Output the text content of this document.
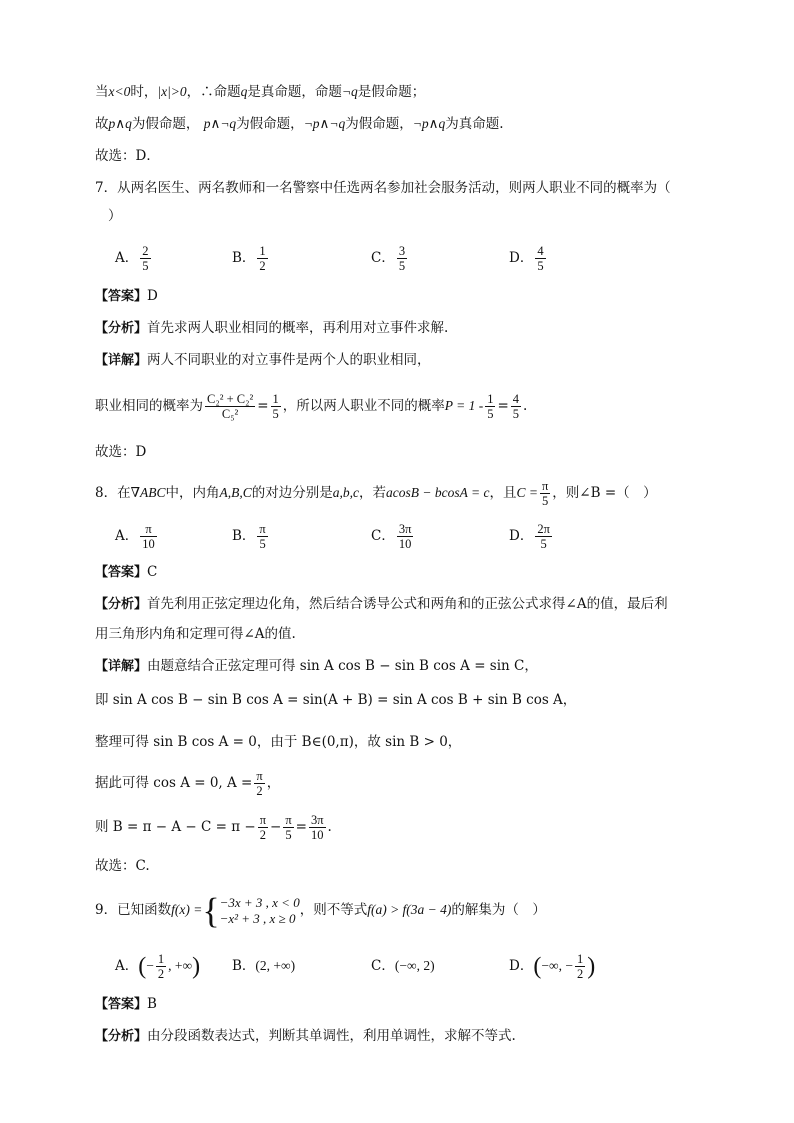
当x<0时，|x|>0，∴命题q是真命题，命题¬q是假命题；
故p∧q为假命题， p∧¬q为假命题，¬p∧¬q为假命题，¬p∧q为真命题.
故选：D．
7．从两名医生、两名教师和一名警察中任选两名参加社会服务活动，则两人职业不同的概率为（
）
A． $\frac{2}{5}$	B． $\frac{1}{2}$	C． $\frac{3}{5}$	D． $\frac{4}{5}$
【答案】D
【分析】首先求两人职业相同的概率，再利用对立事件求解.
【详解】两人不同职业的对立事件是两个人的职业相同，
职业相同的概率为 $\frac{\text{C₂² + C₂²}}{\text{C₅²}} = \frac{1}{5}$ ，所以两人职业不同的概率$P = 1 - \frac{1}{5} = \frac{4}{5}$ .
故选：D
8．在∇ABC中，内角A,B,C的对边分别是a,b,c，若acosB − bcosA = c，且$C = \frac{\pi}{5}$ ，则∠B =（　）
A． $\frac{\pi}{10}$	B． $\frac{\pi}{5}$	C． $\frac{3\pi}{10}$	D． $\frac{2\pi}{5}$
【答案】C
【分析】首先利用正弦定理边化角，然后结合诱导公式和两角和的正弦公式求得∠A的值，最后利
用三角形内角和定理可得∠A的值.
【详解】由题意结合正弦定理可得 sin A cos B − sin B cos A = sin C，
即 sin A cos B − sin B cos A = sin(A + B) = sin A cos B + sin B cos A，
整理可得 sin B cos A = 0，由于 B∈(0,π)，故 sin B > 0，
据此可得 cos A = 0, $A = \frac{\pi}{2}$ ，
则 $B = \pi - A - C = \pi - \frac{\pi}{2} - \frac{\pi}{5} = \frac{3\pi}{10}$ .
故选：C.
9．已知函数f(x) ={ −3x + 3 , x < 0
−x² + 3 , x ≥ 0 ，则不等式f(a) > f(3a − 4)的解集为（　）
A．(− $\frac{1}{2}$ , +∞) B．(2, +∞)	C．(−∞, 2)	D．(−∞, − $\frac{1}{2}$ )
【答案】B
【分析】由分段函数表达式，判断其单调性，利用单调性，求解不等式.
